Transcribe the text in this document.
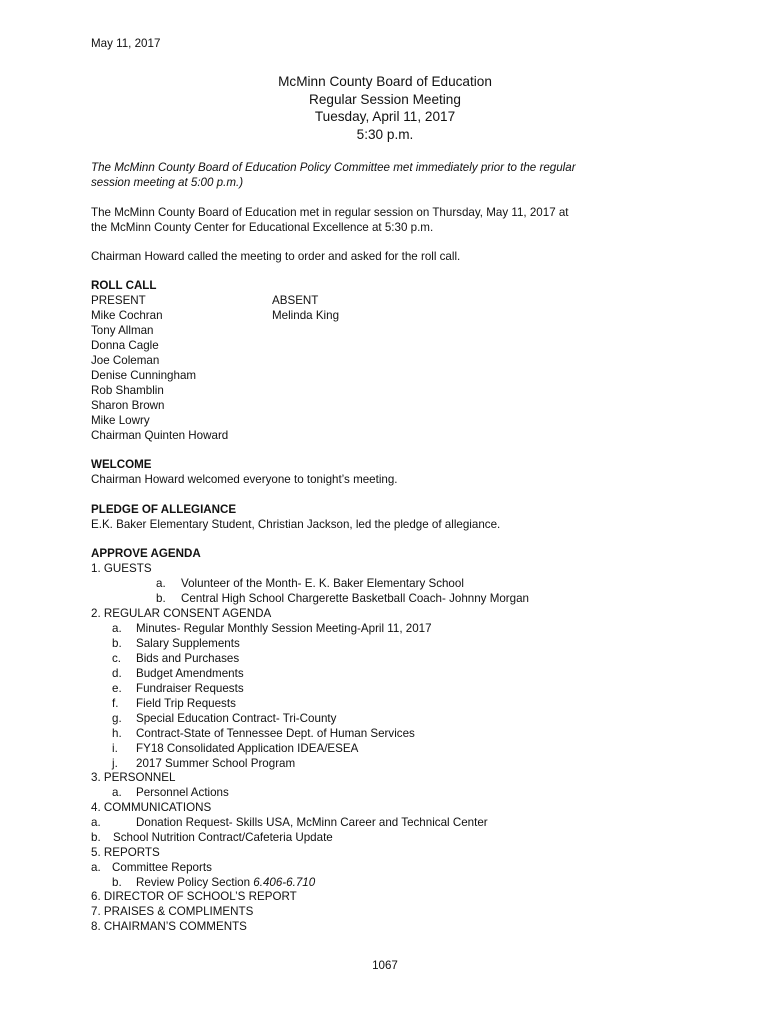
May 11, 2017
McMinn County Board of Education
Regular Session Meeting
Tuesday, April 11, 2017
5:30 p.m.
The McMinn County Board of Education Policy Committee met immediately prior to the regular
session meeting at 5:00 p.m.)
The McMinn County Board of Education met in regular session on Thursday, May 11, 2017 at
the McMinn County Center for Educational Excellence at 5:30 p.m.
Chairman Howard called the meeting to order and asked for the roll call.
ROLL CALL
PRESENT	ABSENT
Mike Cochran	Melinda King
Tony Allman
Donna Cagle
Joe Coleman
Denise Cunningham
Rob Shamblin
Sharon Brown
Mike Lowry
Chairman Quinten Howard
WELCOME
Chairman Howard welcomed everyone to tonight’s meeting.
PLEDGE OF ALLEGIANCE
E.K. Baker Elementary Student, Christian Jackson, led the pledge of allegiance.
APPROVE AGENDA
1. GUESTS
a. Volunteer of the Month- E. K. Baker Elementary School
b. Central High School Chargerette Basketball Coach- Johnny Morgan
2. REGULAR CONSENT AGENDA
a. Minutes- Regular Monthly Session Meeting-April 11, 2017
b. Salary Supplements
c. Bids and Purchases
d. Budget Amendments
e. Fundraiser Requests
f. Field Trip Requests
g. Special Education Contract- Tri-County
h. Contract-State of Tennessee Dept. of Human Services
i. FY18 Consolidated Application IDEA/ESEA
j. 2017 Summer School Program
3. PERSONNEL
a. Personnel Actions
4. COMMUNICATIONS
a.	Donation Request- Skills USA, McMinn Career and Technical Center
b. School Nutrition Contract/Cafeteria Update
5. REPORTS
a. Committee Reports
b. Review Policy Section 6.406-6.710
6. DIRECTOR OF SCHOOL’S REPORT
7. PRAISES & COMPLIMENTS
8. CHAIRMAN’S COMMENTS
1067
